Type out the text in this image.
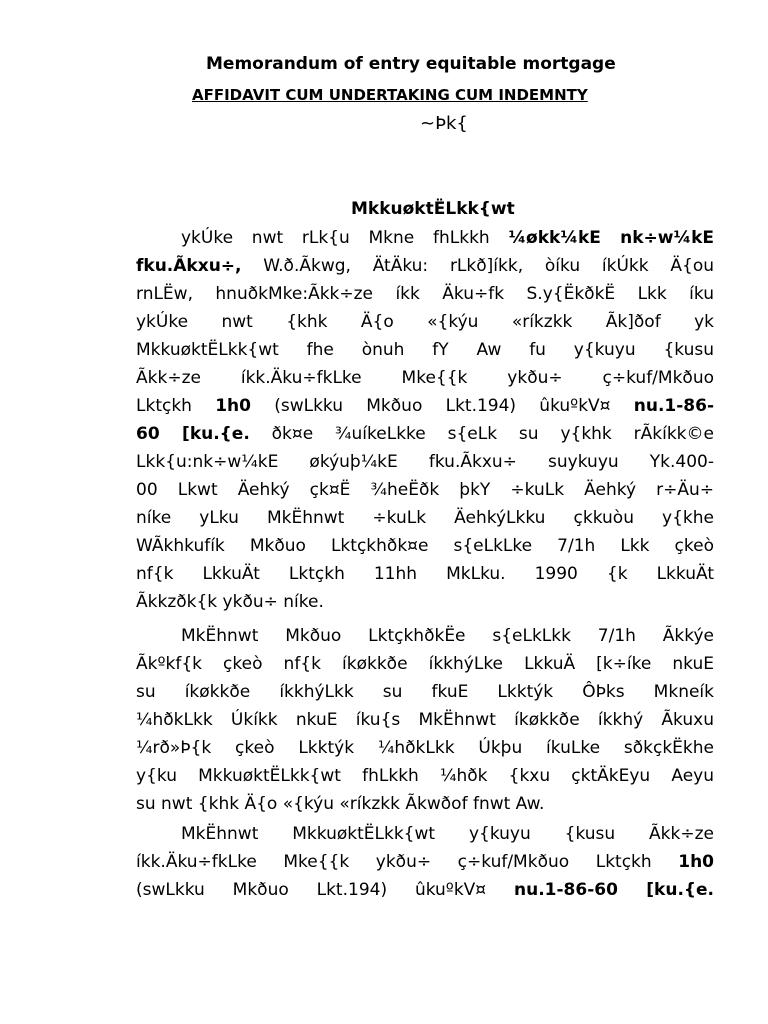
Memorandum of entry equitable mortgage
AFFIDAVIT CUM UNDERTAKING CUM INDEMNTY
~Þk{
MkkuøktËLkk{wt
ykÚke nwt rLk{u Mkne fhLkkh ¼økk¼kE nk÷w¼kE
fku.Ãkxu÷, W.ð.Ãkwg, ÄtÄku: rLkð]íkk, òíku íkÚkk Ä{ou
rnLËw, hnuðkMke:Ãkk÷ze íkk Äku÷fk S.y{ËkðkË Lkk íku
ykÚke nwt {khk Ä{o «{kýu «ríkzkk Ãk]ðof yk
MkkuøktËLkk{wt fhe ònuh fY Aw fu y{kuyu {kusu
Ãkk÷ze íkk.Äku÷fkLke Mke{{k ykðu÷ ç÷kuf/Mkðuo
Lktçkh 1h0 (swLkku Mkðuo Lkt.194) ûkuºkV¤ nu.1-86-
60 [ku.{e. ðk¤e ¾uíkeLkke s{eLk su y{khk rÃkíkk©e
Lkk{u:nk÷w¼kE økýuþ¼kE fku.Ãkxu÷ suykuyu Yk.400-
00 Lkwt Äehký çk¤Ë ¾heËðk þkY ÷kuLk Äehký r÷Äu÷
níke yLku MkËhnwt ÷kuLk ÄehkýLkku çkkuòu y{khe
WÃkhkufík Mkðuo Lktçkhðk¤e s{eLkLke 7/1h Lkk çkeò
nf{k LkkuÄt Lktçkh 11hh MkLku. 1990 {k LkkuÄt
Ãkkzðk{k ykðu÷ níke.
MkËhnwt Mkðuo LktçkhðkËe s{eLkLkk 7/1h Ãkkýe
Ãkºkf{k çkeò nf{k íkøkkðe íkkhýLke LkkuÄ [k÷íke nkuE
su íkøkkðe íkkhýLkk su fkuE Lkktýk ÔÞks Mkneík
¼hðkLkk Úkíkk nkuE íku{s MkËhnwt íkøkkðe íkkhý Ãkuxu
¼rð»Þ{k çkeò Lkktýk ¼hðkLkk Úkþu íkuLke sðkçkËkhe
y{ku MkkuøktËLkk{wt fhLkkh ¼hðk {kxu çktÄkEyu Aeyu
su nwt {khk Ä{o «{kýu «ríkzkk Ãkwðof fnwt Aw.
MkËhnwt MkkuøktËLkk{wt y{kuyu {kusu Ãkk÷ze
íkk.Äku÷fkLke Mke{{k ykðu÷ ç÷kuf/Mkðuo Lktçkh 1h0
(swLkku Mkðuo Lkt.194) ûkuºkV¤ nu.1-86-60 [ku.{e.
